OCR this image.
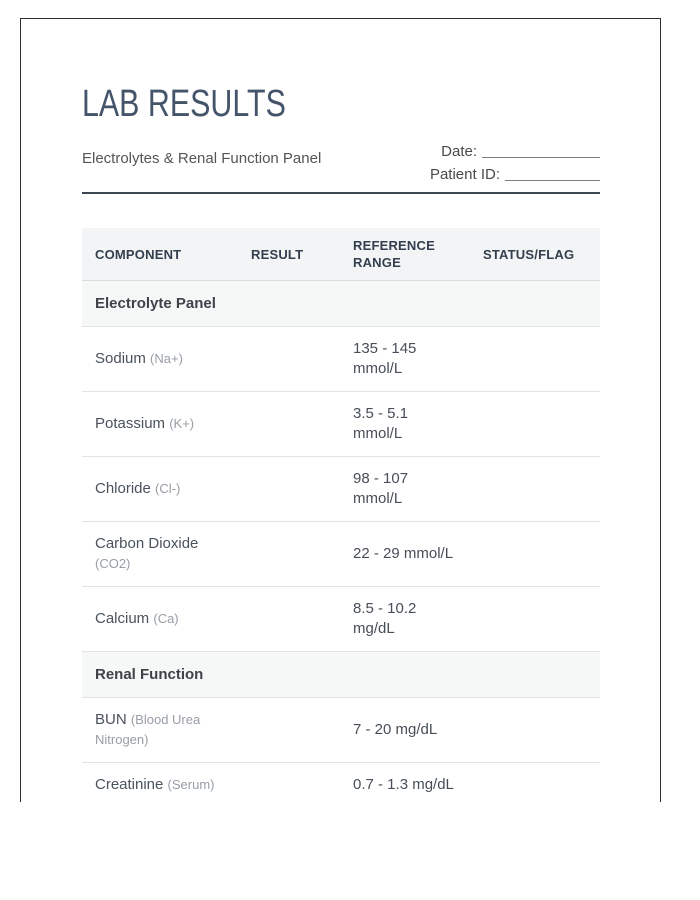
LAB RESULTS
Electrolytes & Renal Function Panel	Date:
Patient ID:
COMPONENT	RESULT	REFERENCE RANGE	STATUS/FLAG
Electrolyte Panel			
Sodium (Na+)		135 - 145 mmol/L	
Potassium (K+)		3.5 - 5.1 mmol/L	
Chloride (Cl-)		98 - 107 mmol/L	
Carbon Dioxide (CO2)		22 - 29 mmol/L	
Calcium (Ca)		8.5 - 10.2 mg/dL	
Renal Function			
BUN (Blood Urea Nitrogen)		7 - 20 mg/dL	
Creatinine (Serum)		0.7 - 1.3 mg/dL	
